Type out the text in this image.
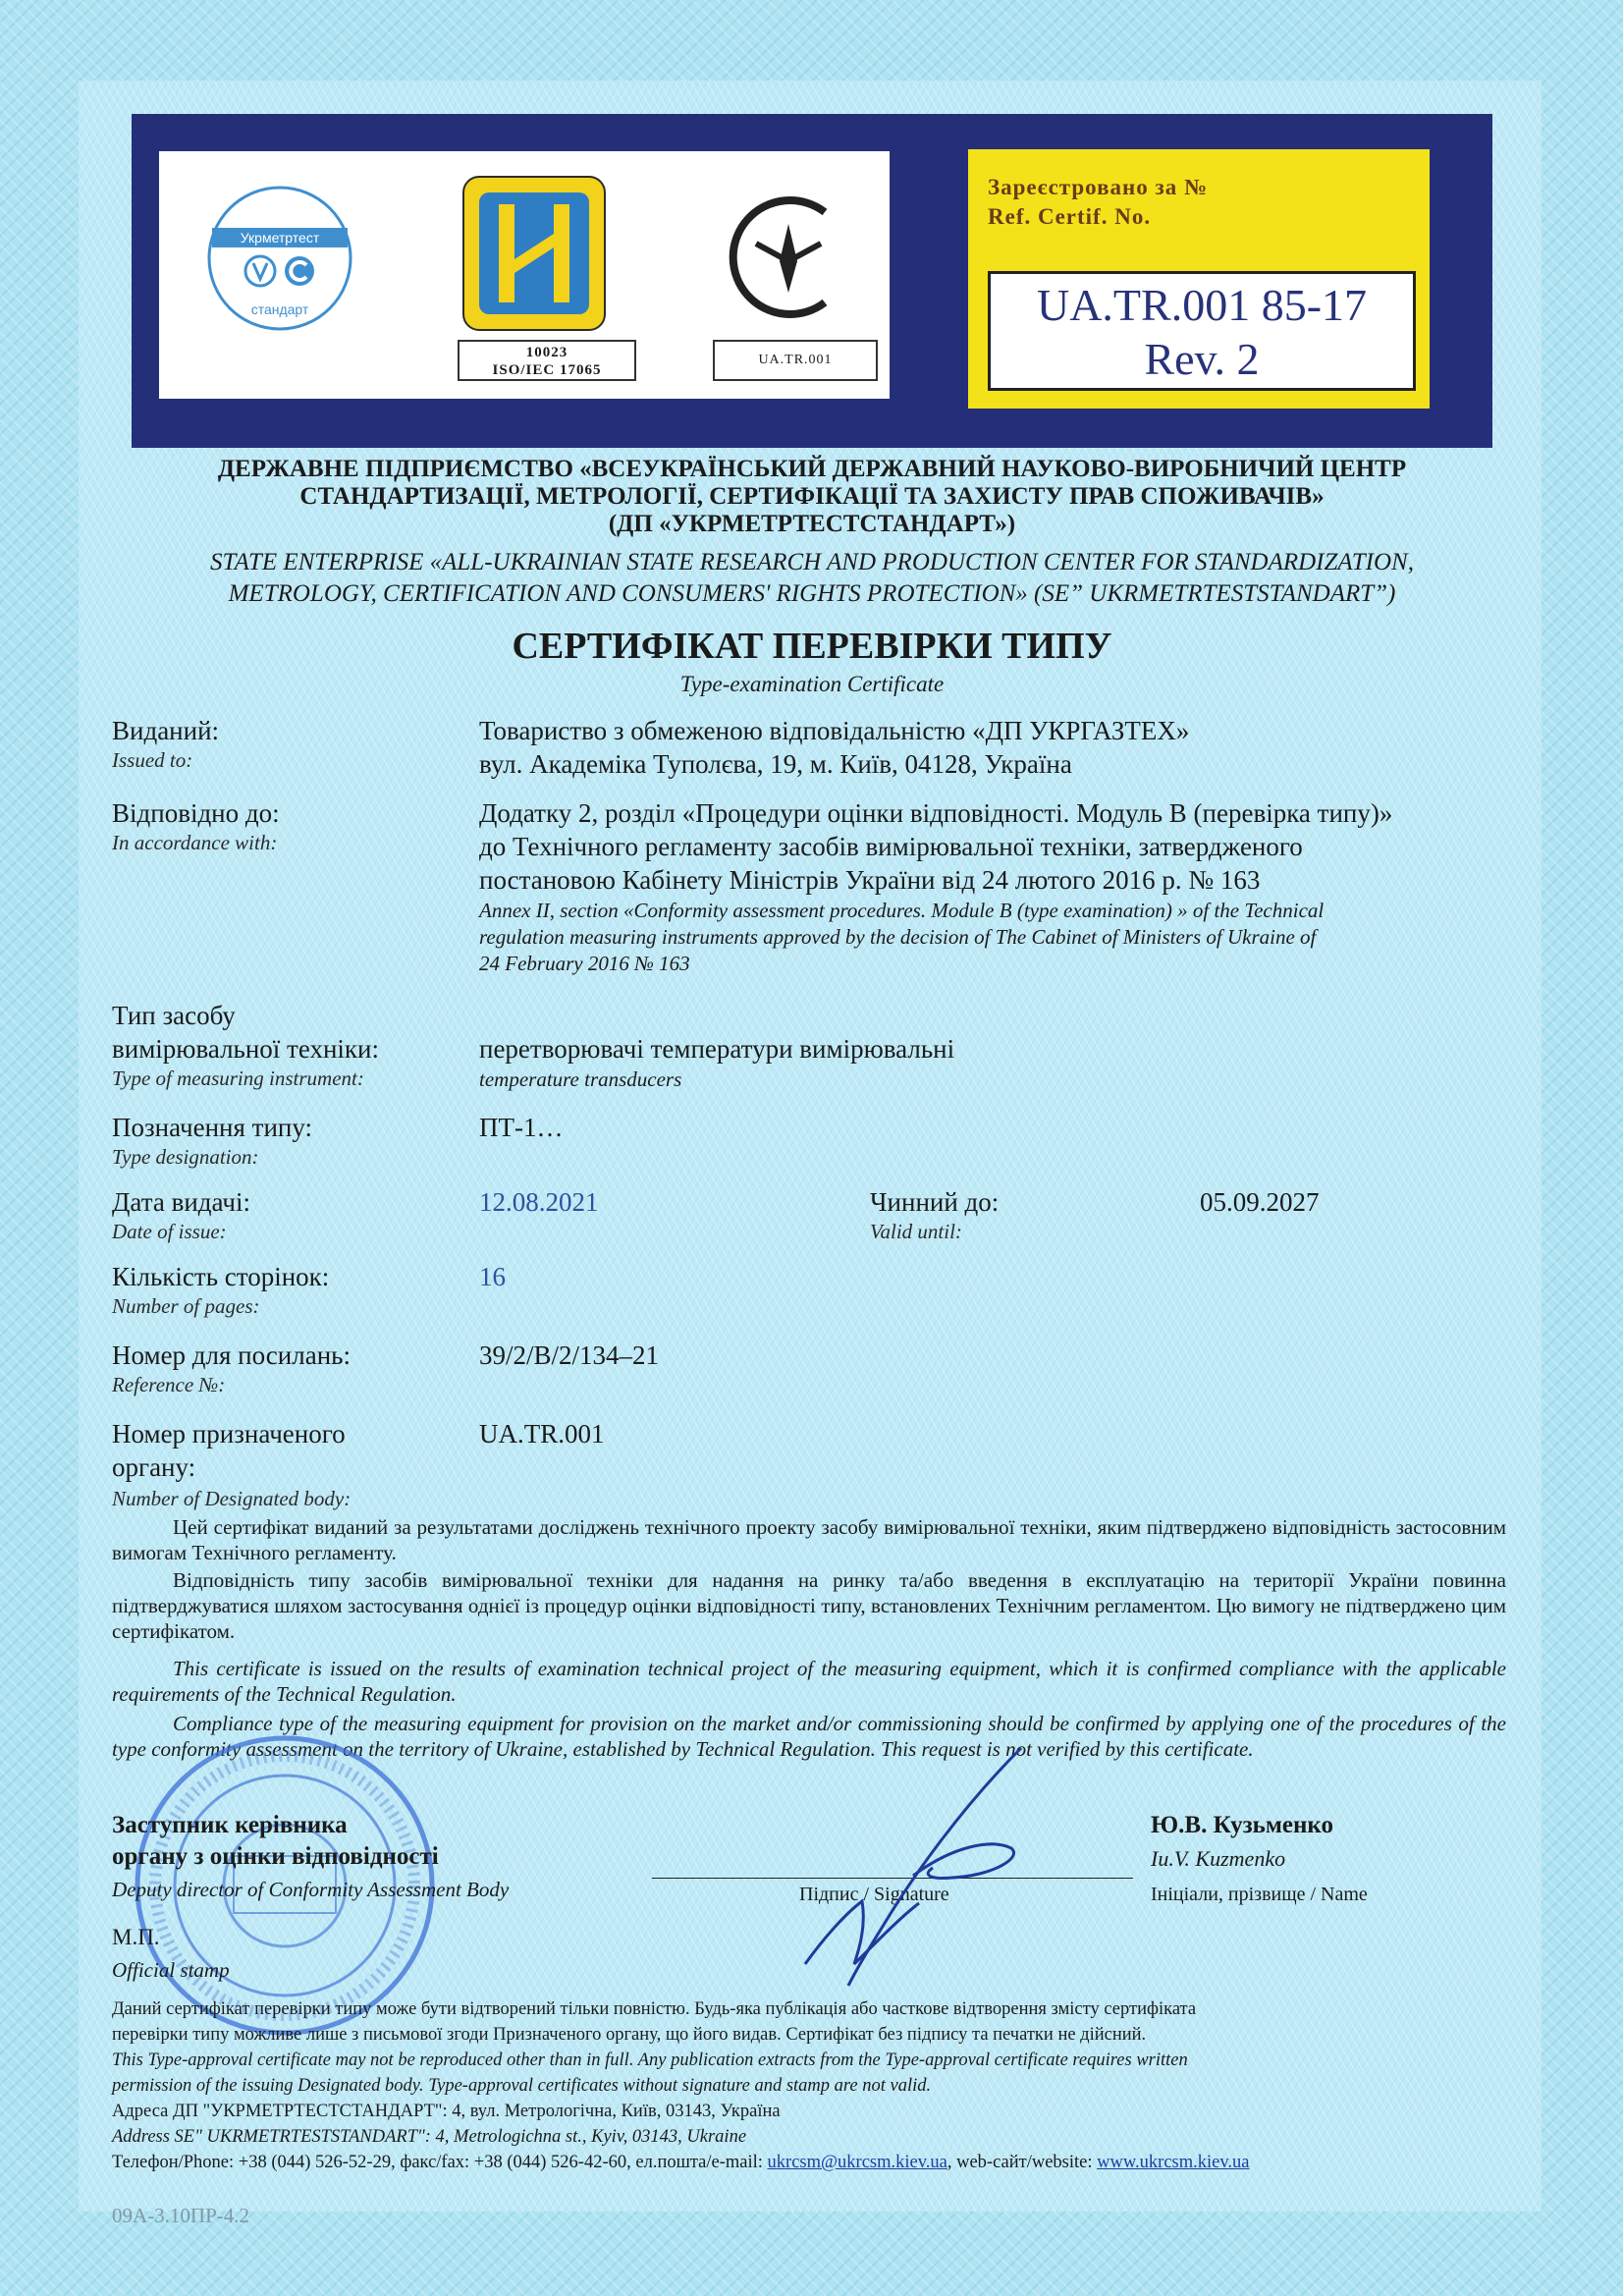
Укрметртест
стандарт
10023
ISO/IEC 17065
UA.TR.001
Зареєстровано за №
Ref. Certif. No.
UA.TR.001 85-17
Rev. 2
ДЕРЖАВНЕ ПІДПРИЄМСТВО «ВСЕУКРАЇНСЬКИЙ ДЕРЖАВНИЙ НАУКОВО-ВИРОБНИЧИЙ ЦЕНТР
СТАНДАРТИЗАЦІЇ, МЕТРОЛОГІЇ, СЕРТИФІКАЦІЇ ТА ЗАХИСТУ ПРАВ СПОЖИВАЧІВ»
(ДП «УКРМЕТРТЕСТСТАНДАРТ»)
STATE ENTERPRISE «ALL-UKRAINIAN STATE RESEARCH AND PRODUCTION CENTER FOR STANDARDIZATION,
METROLOGY, CERTIFICATION AND CONSUMERS' RIGHTS PROTECTION» (SE” UKRMETRTESTSTANDART”)
СЕРТИФІКАТ ПЕРЕВІРКИ ТИПУ
Type-examination Certificate
Виданий:
Issued to:
Товариство з обмеженою відповідальністю «ДП УКРГАЗТЕХ»
вул. Академіка Туполєва, 19, м. Київ, 04128, Україна
Відповідно до:
In accordance with:
Додатку 2, розділ «Процедури оцінки відповідності. Модуль В (перевірка типу)»
до Технічного регламенту засобів вимірювальної техніки, затвердженого
постановою Кабінету Міністрів України від 24 лютого 2016 р. № 163
Annex II, section «Conformity assessment procedures. Module B (type examination) » of the Technical
regulation measuring instruments approved by the decision of The Cabinet of Ministers of Ukraine of
24 February 2016 № 163
Тип засобу
вимірювальної техніки:
Type of measuring instrument:
перетворювачі температури вимірювальні
temperature transducers
Позначення типу:
Type designation:
ПТ-1…
Дата видачі:
Date of issue:
12.08.2021	Чинний до:
Valid until:
05.09.2027
Кількість сторінок:
Number of pages:
16
Номер для посилань:
Reference №:
39/2/В/2/134–21
Номер призначеного
органу:
Number of Designated body:
UA.TR.001
Цей сертифікат виданий за результатами досліджень технічного проекту засобу вимірювальної техніки, яким підтверджено відповідність застосовним вимогам Технічного регламенту.
Відповідність типу засобів вимірювальної техніки для надання на ринку та/або введення в експлуатацію на території України повинна підтверджуватися шляхом застосування однієї із процедур оцінки відповідності типу, встановлених Технічним регламентом. Цю вимогу не підтверджено цим сертифікатом.
This certificate is issued on the results of examination technical project of the measuring equipment, which it is confirmed compliance with the applicable requirements of the Technical Regulation.
Compliance type of the measuring equipment for provision on the market and/or commissioning should be confirmed by applying one of the procedures of the type conformity assessment on the territory of Ukraine, established by Technical Regulation. This request is not verified by this certificate.
Заступник керівника
органу з оцінки відповідності
Deputy director of Conformity Assessment Body
М.П.
Official stamp
Підпис / Signature
Ю.В. Кузьменко
Iu.V. Kuzmenko
Ініціали, прізвище / Name
Даний сертифікат перевірки типу може бути відтворений тільки повністю. Будь-яка публікація або часткове відтворення змісту сертифіката
перевірки типу можливе лише з письмової згоди Призначеного органу, що його видав. Сертифікат без підпису та печатки не дійсний.
This Type-approval certificate may not be reproduced other than in full. Any publication extracts from the Type-approval certificate requires written
permission of the issuing Designated body. Type-approval certificates without signature and stamp are not valid.
Адреса ДП "УКРМЕТРТЕСТСТАНДАРТ": 4, вул. Метрологічна, Київ, 03143, Україна
Address SE" UKRMETRTESTSTANDART": 4, Metrologichna st., Kyiv, 03143, Ukraine
Телефон/Phone: +38 (044) 526-52-29, факс/fax: +38 (044) 526-42-60, ел.пошта/e-mail: ukrcsm@ukrcsm.kiev.ua, web-сайт/website: www.ukrcsm.kiev.ua
09А-3.10ПР-4.2
